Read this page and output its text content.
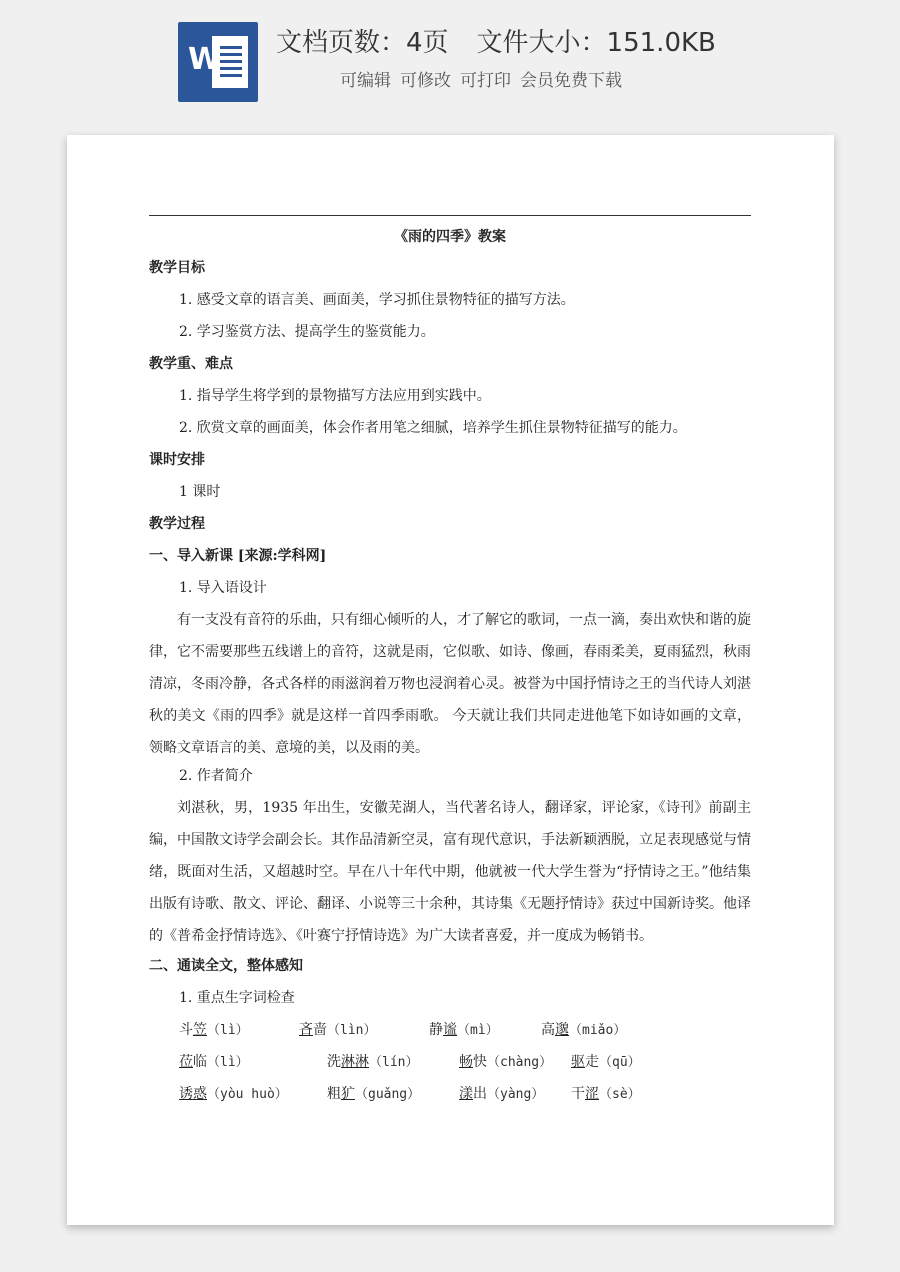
W 文档页数：4页 文件大小：151.0KB
可编辑 可修改 可打印 会员免费下载
《雨的四季》教案
教学目标
1. 感受文章的语言美、画面美，学习抓住景物特征的描写方法。
2. 学习鉴赏方法、提高学生的鉴赏能力。
教学重、难点
1. 指导学生将学到的景物描写方法应用到实践中。
2. 欣赏文章的画面美，体会作者用笔之细腻，培养学生抓住景物特征描写的能力。
课时安排
1 课时
教学过程
一、导入新课 [来源:学科网]
1. 导入语设计
有一支没有音符的乐曲，只有细心倾听的人，才了解它的歌词，一点一滴，奏出欢快和谐的旋律，它不需要那些五线谱上的音符，这就是雨，它似歌、如诗、像画，春雨柔美，夏雨猛烈，秋雨清凉，冬雨冷静，各式各样的雨滋润着万物也浸润着心灵。被誉为中国抒情诗之王的当代诗人刘湛秋的美文《雨的四季》就是这样一首四季雨歌。 今天就让我们共同走进他笔下如诗如画的文章，领略文章语言的美、意境的美，以及雨的美。
2. 作者简介
刘湛秋，男，1935 年出生，安徽芜湖人，当代著名诗人，翻译家，评论家，《诗刊》前副主编，中国散文诗学会副会长。其作品清新空灵，富有现代意识，手法新颖洒脱，立足表现感觉与情绪，既面对生活，又超越时空。早在八十年代中期，他就被一代大学生誉为“抒情诗之王。”他结集出版有诗歌、散文、评论、翻译、小说等三十余种，其诗集《无题抒情诗》获过中国新诗奖。他译的《普希金抒情诗选》、《叶赛宁抒情诗选》为广大读者喜爱，并一度成为畅销书。
二、通读全文，整体感知
1. 重点生字词检查
斗笠（lì）	吝啬（lìn）	静谧（mì）	高邈（miǎo）
莅临（lì）	洗淋淋（lín）	畅快（chàng） 驱走（qū）
诱惑（yòu huò）	粗犷（guǎng）	漾出（yàng） 干涩（sè）
